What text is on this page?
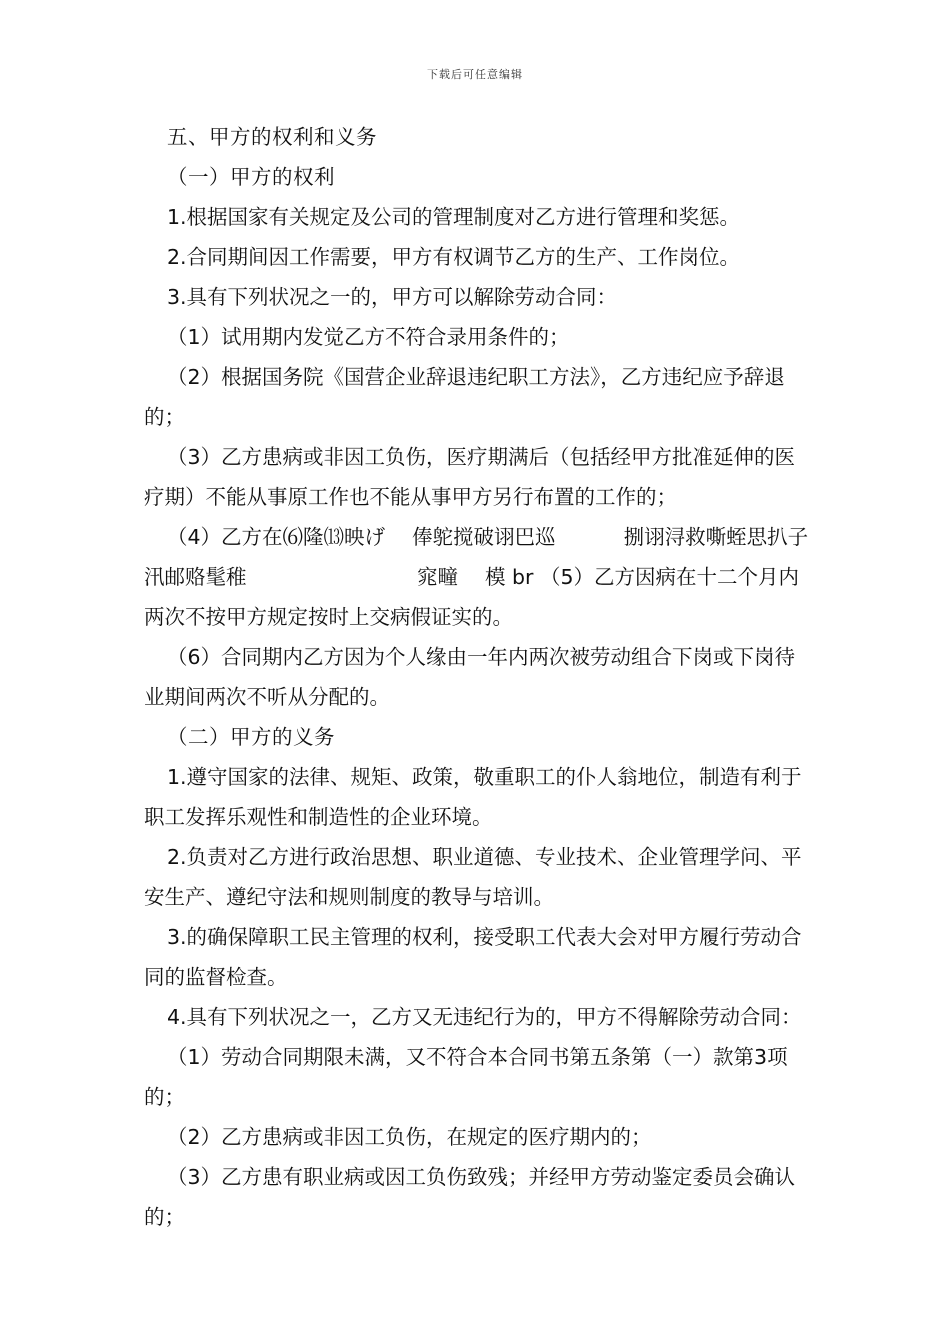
下载后可任意编辑

五、甲方的权利和义务

（一）甲方的权利

1.根据国家有关规定及公司的管理制度对乙方进行管理和奖惩。

2.合同期间因工作需要，甲方有权调节乙方的生产、工作岗位。

3.具有下列状况之一的，甲方可以解除劳动合同：

（1）试用期内发觉乙方不符合录用条件的；

（2）根据国务院《国营企业辞退违纪职工方法》，乙方违纪应予辞退的；

（3）乙方患病或非因工负伤，医疗期满后（包括经甲方批准延伸的医疗期）不能从事原工作也不能从事甲方另行布置的工作的；

（4）乙方在⑹隆⒀映げ　 俸鸵搅破诩巴巡　　　 捌诩浔救嘶蛭思扒子汛邮赂髦稚　　　　　　　　 窕疃　 模 br （5）乙方因病在十二个月内两次不按甲方规定按时上交病假证实的。

（6）合同期内乙方因为个人缘由一年内两次被劳动组合下岗或下岗待业期间两次不听从分配的。

（二）甲方的义务

1.遵守国家的法律、规矩、政策，敬重职工的仆人翁地位，制造有利于职工发挥乐观性和制造性的企业环境。

2.负责对乙方进行政治思想、职业道德、专业技术、企业管理学问、平安生产、遵纪守法和规则制度的教导与培训。

3.的确保障职工民主管理的权利，接受职工代表大会对甲方履行劳动合同的监督检查。

4.具有下列状况之一，乙方又无违纪行为的，甲方不得解除劳动合同：

（1）劳动合同期限未满，又不符合本合同书第五条第（一）款第3项的；

（2）乙方患病或非因工负伤，在规定的医疗期内的；

（3）乙方患有职业病或因工负伤致残；并经甲方劳动鉴定委员会确认的；
